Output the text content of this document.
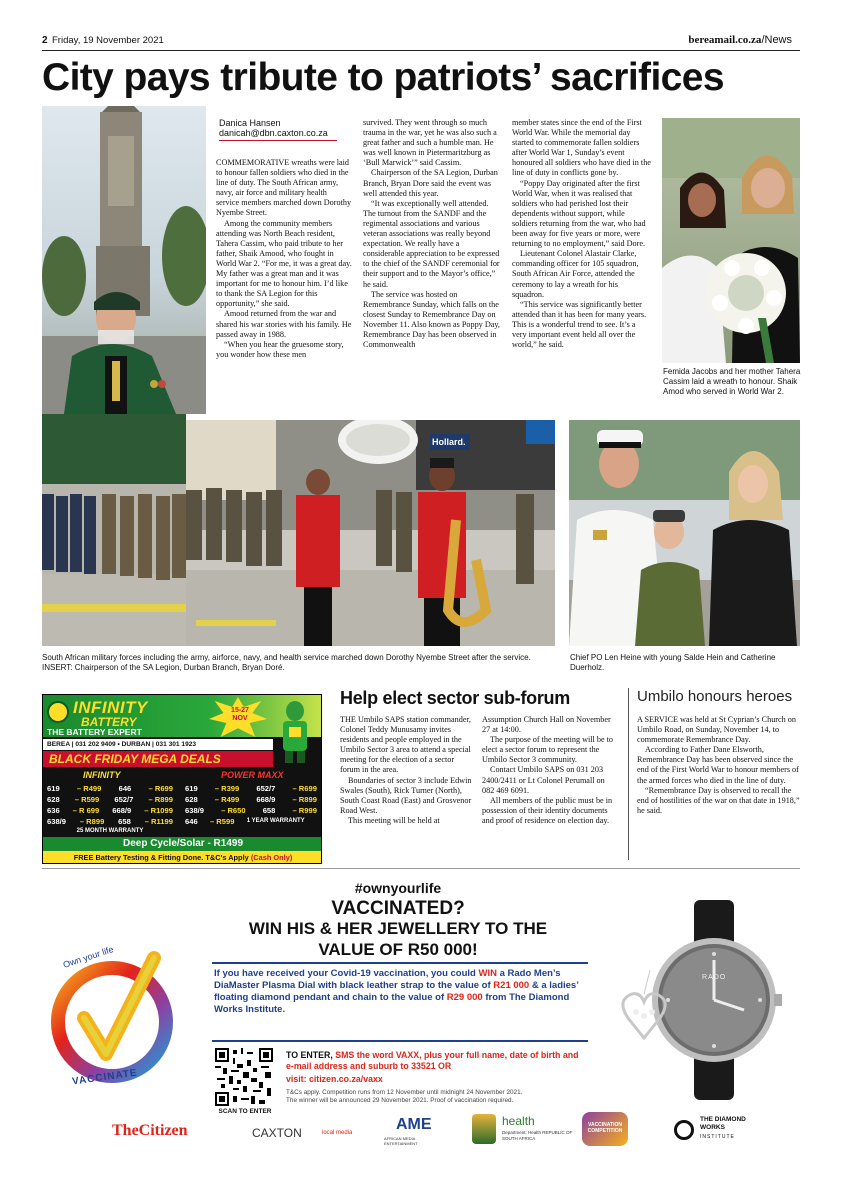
2 Friday, 19 November 2021	bereamail.co.za/News
City pays tribute to patriots’ sacrifices
Danica Hansen
danicah@dbn.caxton.co.za

COMMEMORATIVE wreaths were laid to honour fallen soldiers who died in the line of duty. The South African army, navy, air force and military health service members marched down Dorothy Nyembe Street.

Among the community members attending was North Beach resident, Tahera Cassim, who paid tribute to her father, Shaik Amood, who fought in World War 2. “For me, it was a great day. My father was a great man and it was important for me to honour him. I’d like to thank the SA Legion for this opportunity,” she said.

Amood returned from the war and shared his war stories with his family. He passed away in 1988.

“When you hear the gruesome story, you wonder how these men

survived. They went through so much trauma in the war, yet he was also such a great father and such a humble man. He was well known in Pietermaritzburg as ‘Bull Marwick’” said Cassim.

Chairperson of the SA Legion, Durban Branch, Bryan Dore said the event was well attended this year.

“It was exceptionally well attended. The turnout from the SANDF and the regimental associations and various veteran associations was really beyond expectation. We really have a considerable appreciation to be expressed to the chief of the SANDF ceremonial for their support and to the Mayor’s office,” he said.

The service was hosted on Remembrance Sunday, which falls on the closest Sunday to Remembrance Day on November 11. Also known as Poppy Day, Remembrance Day has been observed in Commonwealth

member states since the end of the First World War. While the memorial day started to commemorate fallen soldiers after World War 1, Sunday’s event honoured all soldiers who have died in the line of duty in conflicts gone by.

“Poppy Day originated after the first World War, when it was realised that soldiers who had perished lost their dependents without support, while soldiers returning from the war, who had been away for five years or more, were returning to no employment,” said Dore.

Lieutenant Colonel Alastair Clarke, commanding officer for 105 squadron, South African Air Force, attended the ceremony to lay a wreath for his squadron.

“This service was significantly better attended than it has been for many years. This is a wonderful trend to see. It’s a very important event held all over the world,” he said.

Femida Jacobs and her mother Tahera Cassim laid a wreath to honour. Shaik Amod who served in World War 2.
Hollard.
South African military forces including the army, airforce, navy, and health service marched down Dorothy Nyembe Street after the service. INSERT: Chairperson of the SA Legion, Durban Branch, Bryan Doré.
Chief PO Len Heine with young Salde Hein and Catherine Duerholz.
INFINITY
BATTERY
15-27 NOV
THE BATTERY EXPERT
BEREA | 031 202 9409 • DURBAN | 031 301 1923
BLACK FRIDAY MEGA DEALS
INFINITY	POWER MAXX
619 – R499 646 – R699
628 – R599 652/7 – R899
636 – R 699 668/9 – R1099
638/9 – R899 658 – R1199
25 MONTH WARRANTY
619 – R399 652/7 – R699
628 – R499 668/9 – R899
638/9 – R650 658 – R999
646 – R599 1 YEAR WARRANTY
Deep Cycle/Solar - R1499
FREE Battery Testing & Fitting Done. T&C's Apply (Cash Only)
Help elect sector sub-forum

THE Umbilo SAPS station commander, Colonel Teddy Munusamy invites residents and people employed in the Umbilo Sector 3 area to attend a special meeting for the election of a sector forum in the area.

Boundaries of sector 3 include Edwin Swales (South), Rick Turner (North), South Coast Road (East) and Grosvenor Road West.

This meeting will be held at

Assumption Church Hall on November 27 at 14:00.

The purpose of the meeting will be to elect a sector forum to represent the Umbilo Sector 3 community.

Contact Umbilo SAPS on 031 203 2400/2411 or Lt Colonel Perumall on 082 469 6091.

All members of the public must be in possession of their identity documents and proof of residence on election day.

Umbilo honours heroes

A SERVICE was held at St Cyprian’s Church on Umbilo Road, on Sunday, November 14, to commemorate Remembrance Day.

According to Father Dane Elsworth, Remembrance Day has been observed since the end of the First World War to honour members of the armed forces who died in the line of duty.

“Remembrance Day is observed to recall the end of hostilities of the war on that date in 1918,” he said.

#ownyourlife
VACCINATED?
WIN HIS & HER JEWELLERY TO THE
VALUE OF R50 000!
Own your life
VACCINATE
If you have received your Covid-19 vaccination, you could WIN a Rado Men’s DiaMaster Plasma Dial with black leather strap to the value of R21 000 & a ladies’ floating diamond pendant and chain to the value of R29 000 from The Diamond Works Institute.
SCAN TO ENTER
TO ENTER, SMS the word VAXX, plus your full name, date of birth and e-mail address and suburb to 33521 OR
visit: citizen.co.za/vaxx
T&Cs apply. Competition runs from 12 November until midnight 24 November 2021.
The winner will be announced 29 November 2021. Proof of vaccination required.
RADO
TheCitizen	CAXTON	local media	AME
AFRICAN MEDIA ENTERTAINMENT
health
Department: Health REPUBLIC OF SOUTH AFRICA
VACCINATION COMPETITION
THE DIAMOND WORKS
INSTITUTE
